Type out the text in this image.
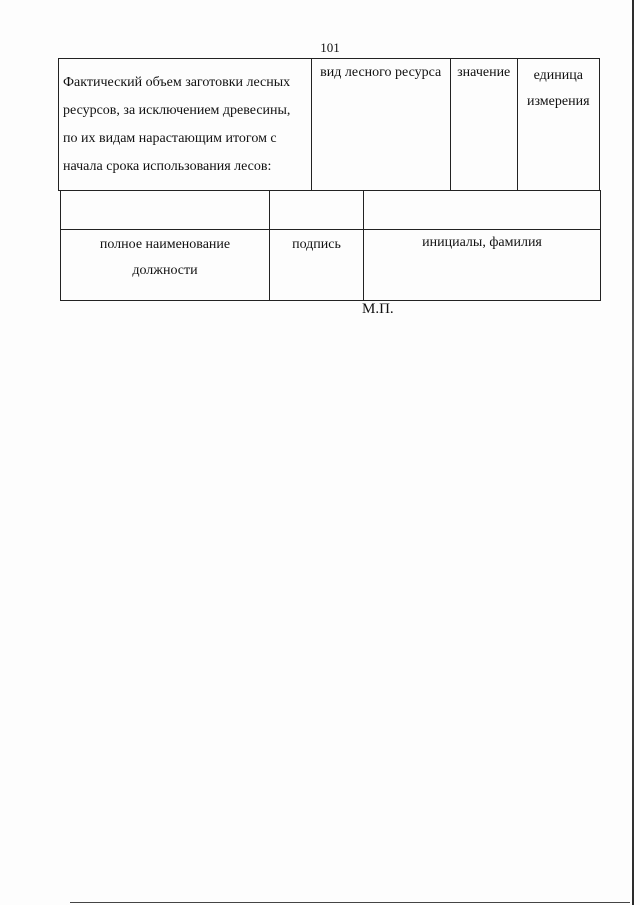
101
Фактический объем заготовки лесных
ресурсов, за исключением древесины,
по их видам нарастающим итогом с
начала срока использования лесов:
	вид лесного ресурса	значение	единица
измерения

полное наименование
должности	подпись	инициалы, фамилия
М.П.
